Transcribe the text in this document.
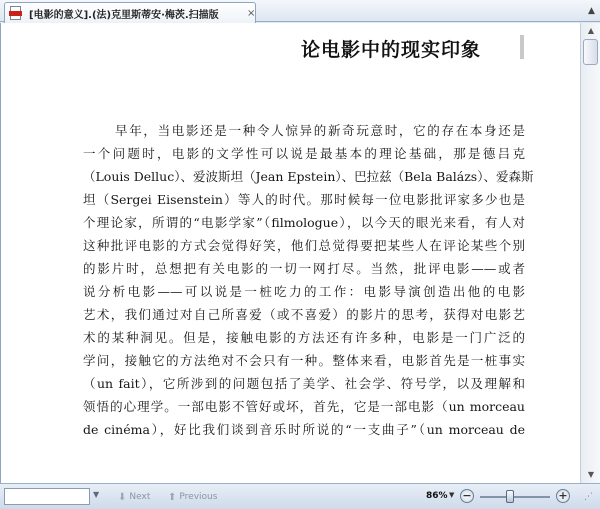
[电影的意义].(法)克里斯蒂安·梅茨.扫描版	×	▲
论电影中的现实印象
早年，当电影还是一种令人惊异的新奇玩意时，它的存在本身还是
一个问题时，电影的文学性可以说是最基本的理论基础，那是德吕克
（Louis Delluc）、爱波斯坦（Jean Epstein）、巴拉兹（Bela Balázs）、爱森斯
坦（Sergei Eisenstein）等人的时代。那时候每一位电影批评家多少也是
个理论家，所谓的“电影学家”（filmologue），以今天的眼光来看，有人对
这种批评电影的方式会觉得好笑，他们总觉得要把某些人在评论某些个别
的影片时，总想把有关电影的一切一网打尽。当然，批评电影——或者
说分析电影——可以说是一桩吃力的工作：电影导演创造出他的电影
艺术，我们通过对自己所喜爱（或不喜爱）的影片的思考，获得对电影艺
术的某种洞见。但是，接触电影的方法还有许多种，电影是一门广泛的
学问，接触它的方法绝对不会只有一种。整体来看，电影首先是一桩事实
（un fait），它所涉到的问题包括了美学、社会学、符号学，以及理解和
领悟的心理学。一部电影不管好或坏，首先，它是一部电影（un morceau
de cinéma），好比我们谈到音乐时所说的“一支曲子”（un morceau de
▲
▼
▼ ⬇ Next ⬆ Previous	86% ▼ −	+ ⋰
